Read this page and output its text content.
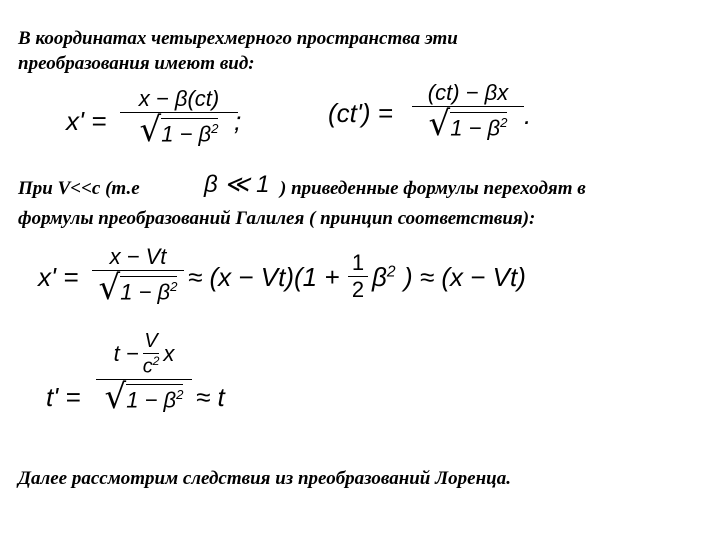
В координатах четырехмерного пространства эти
преобразования имеют вид:
x' =
x − β(ct)
√ $1 - \beta^2$ ;	(ct') =
(ct) − βx
√ $1 - \beta^2$ .
При V<<c (т.е	β ≪ 1 ) приведенные формулы переходят в
формулы преобразований Галилея ( принцип соответствия):
x' =
x − Vt
√ $1 - \beta^2 \approx (x - Vt)(1 + 1$
2 $\beta^2$ ) ≈ (x − Vt)
t' =
$t - \frac{V}{c^2}$ x
√ $1 - \beta^2 \approx t$
Далее рассмотрим следствия из преобразований Лоренца.
